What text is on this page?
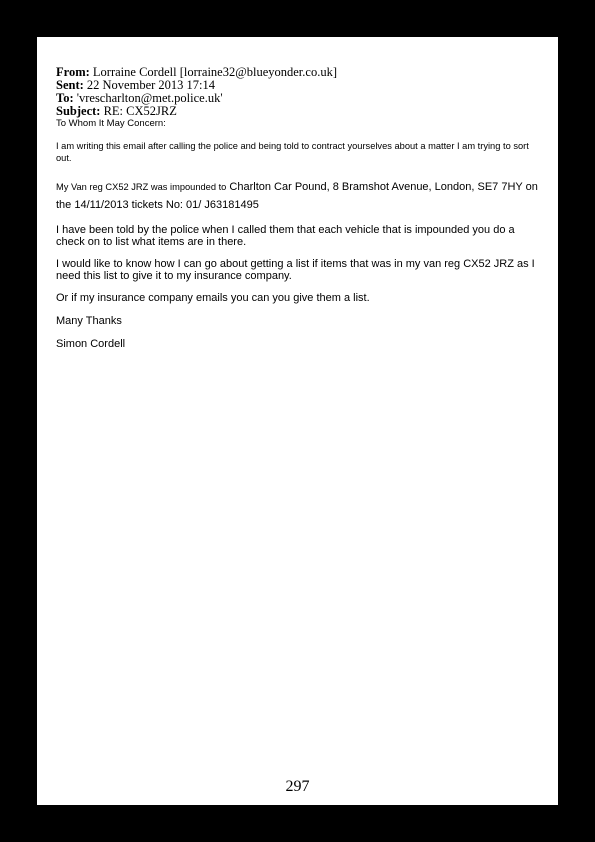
From: Lorraine Cordell [lorraine32@blueyonder.co.uk]
Sent: 22 November 2013 17:14
To: 'vrescharlton@met.police.uk'
Subject: RE: CX52JRZ
To Whom It May Concern:

I am writing this email after calling the police and being told to contract yourselves about a matter I am trying to sort out.

My Van reg CX52 JRZ was impounded to Charlton Car Pound, 8 Bramshot Avenue, London, SE7 7HY on the 14/11/2013 tickets No: 01/ J63181495

I have been told by the police when I called them that each vehicle that is impounded you do a check on to list what items are in there.

I would like to know how I can go about getting a list if items that was in my van reg CX52 JRZ as I need this list to give it to my insurance company.

Or if my insurance company emails you can you give them a list.

Many Thanks

Simon Cordell

297
